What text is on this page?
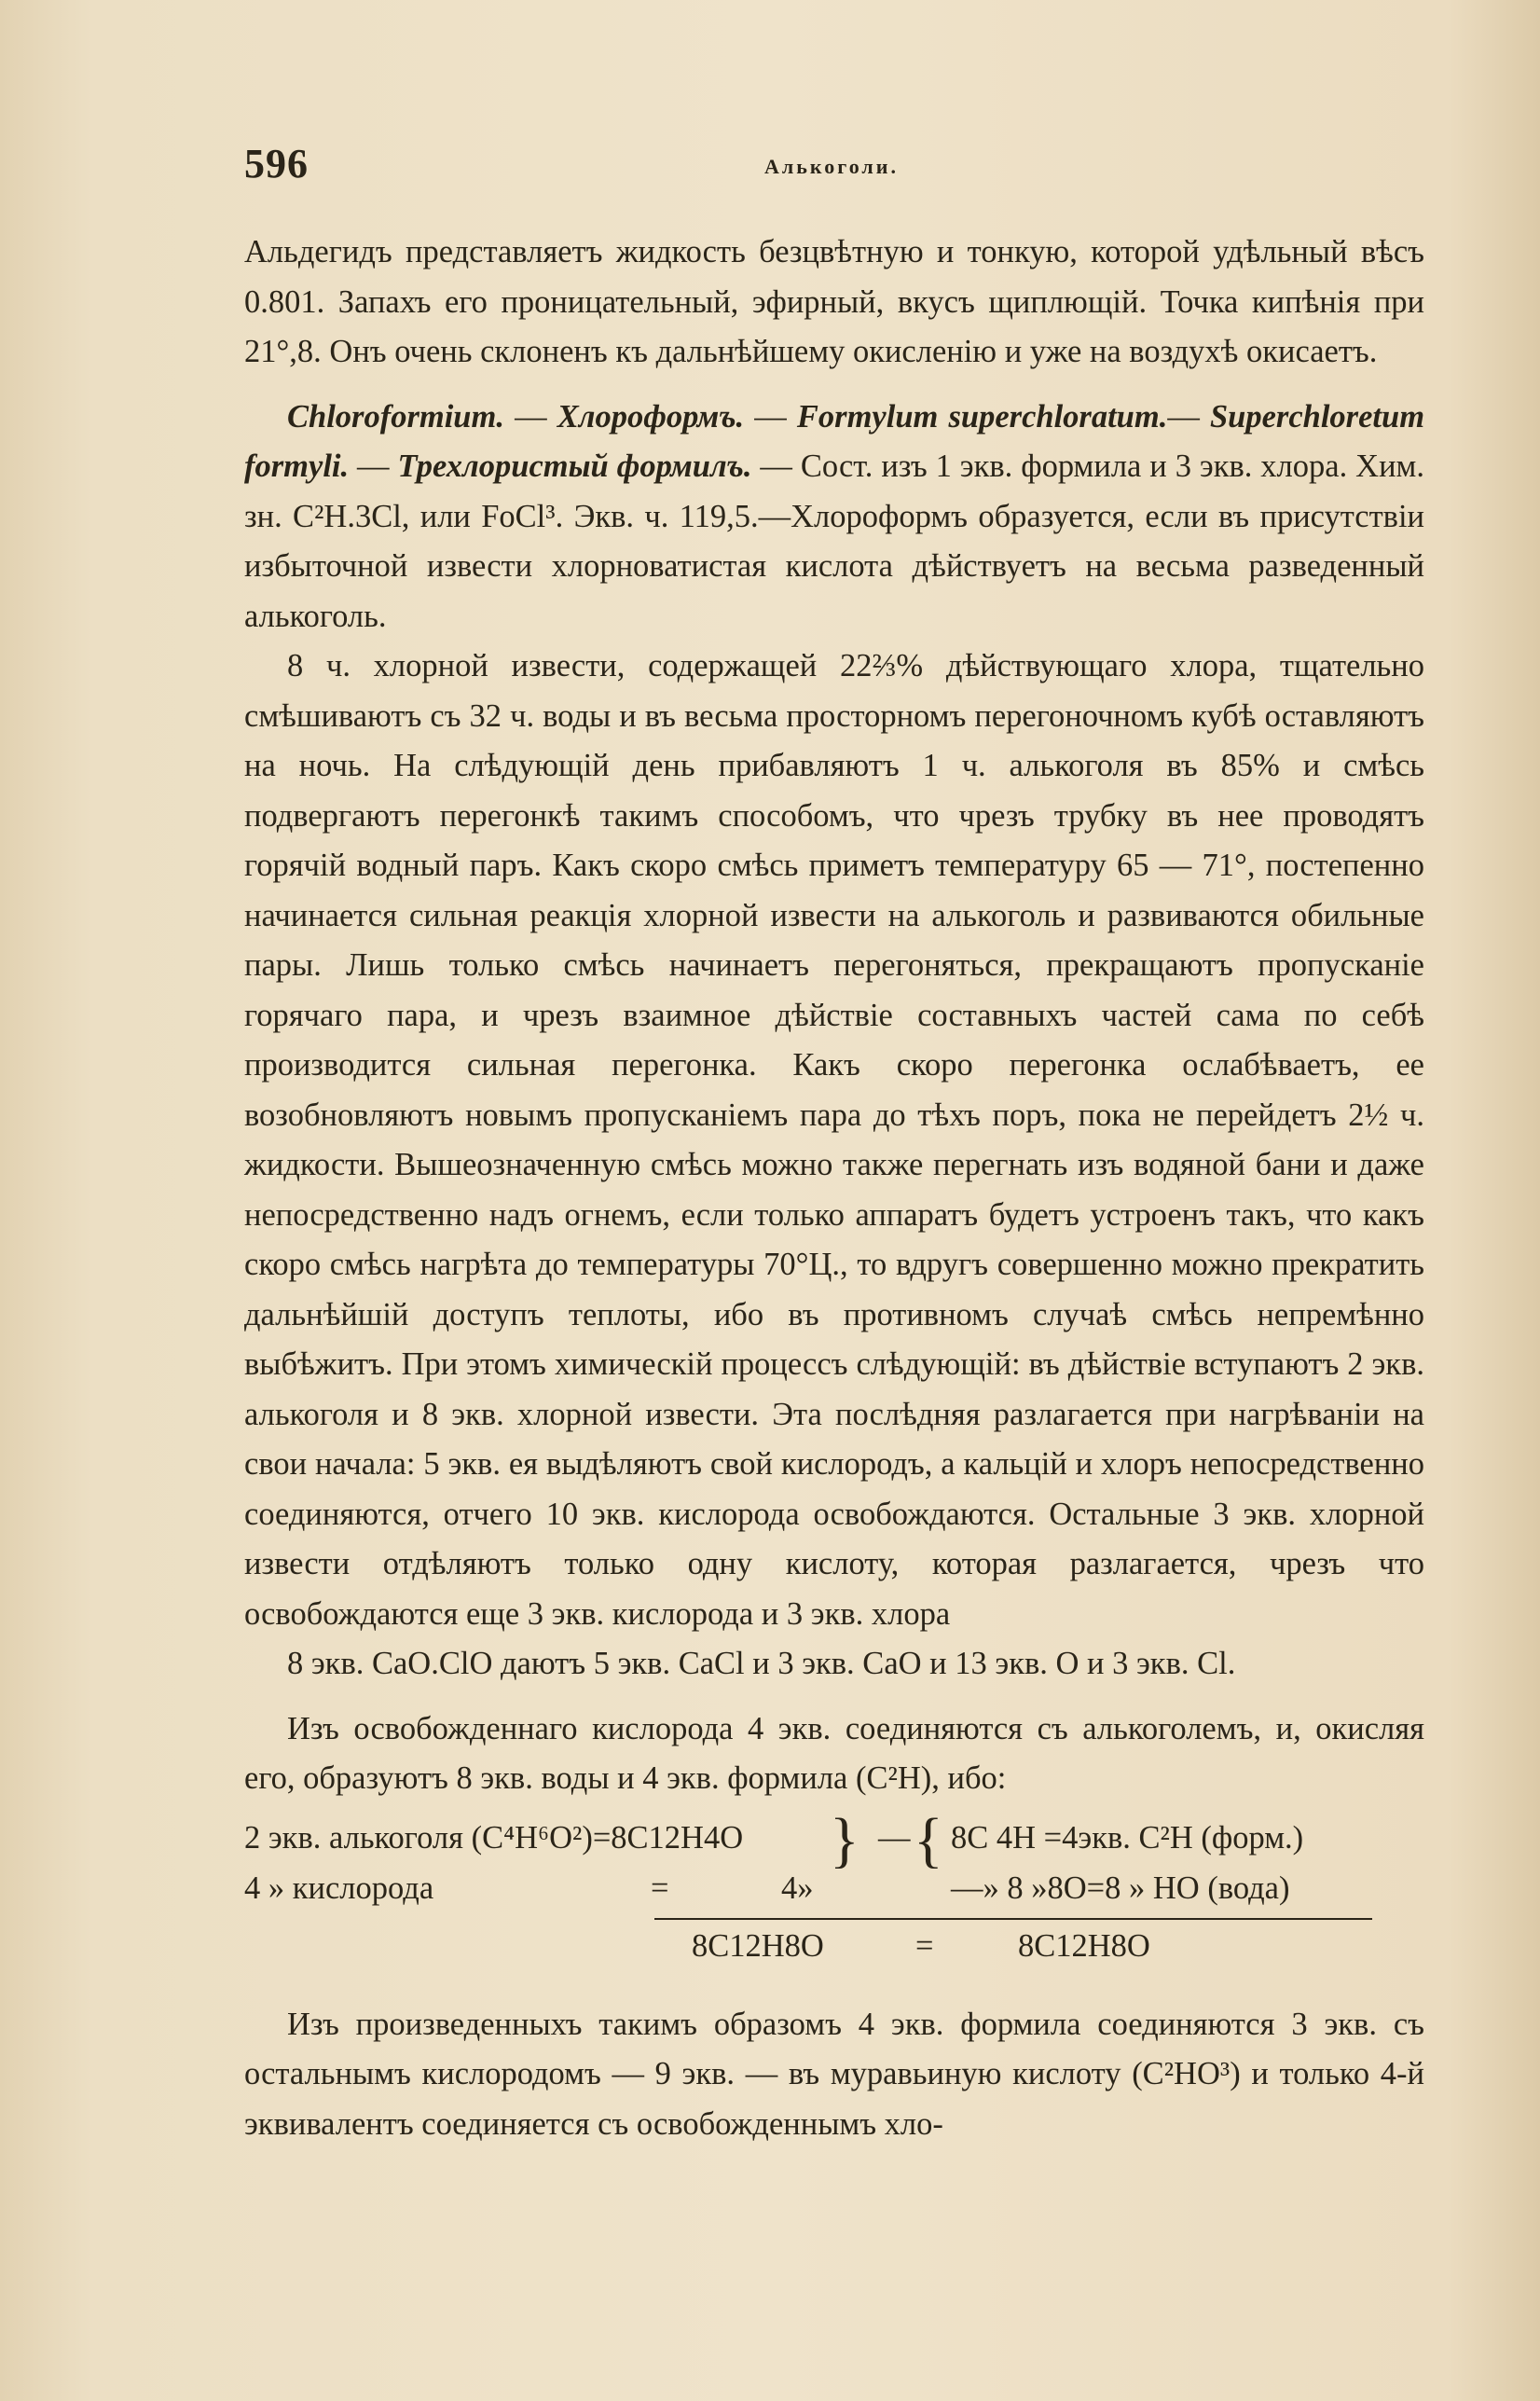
596	Алькоголи.

Альдегидъ представляетъ жидкость безцвѣтную и тонкую, которой удѣльный вѣсъ 0.801. Запахъ его проницательный, эфирный, вкусъ щиплющій. Точка кипѣнія при 21°,8. Онъ очень склоненъ къ дальнѣйшему окисленію и уже на воздухѣ окисаетъ.

Chloroformium. — Хлороформъ. — Formylum superchloratum.— Superchloretum formyli. — Трехлористый формилъ. — Сост. изъ 1 экв. формила и 3 экв. хлора. Хим. зн. C²H.3Cl, или FoCl³. Экв. ч. 119,5.—Хлороформъ образуется, если въ присутствіи избыточной извести хлорноватистая кислота дѣйствуетъ на весьма разведенный алькоголь.

8 ч. хлорной извести, содержащей 22⅔% дѣйствующаго хлора, тщательно смѣшиваютъ съ 32 ч. воды и въ весьма просторномъ перегоночномъ кубѣ оставляютъ на ночь. На слѣдующій день прибавляютъ 1 ч. алькоголя въ 85% и смѣсь подвергаютъ перегонкѣ такимъ способомъ, что чрезъ трубку въ нее проводятъ горячій водный паръ. Какъ скоро смѣсь приметъ температуру 65 — 71°, постепенно начинается сильная реакція хлорной извести на алькоголь и развиваются обильные пары. Лишь только смѣсь начинаетъ перегоняться, прекращаютъ пропусканіе горячаго пара, и чрезъ взаимное дѣйствіе составныхъ частей сама по себѣ производится сильная перегонка. Какъ скоро перегонка ослабѣваетъ, ее возобновляютъ новымъ пропусканіемъ пара до тѣхъ поръ, пока не перейдетъ 2½ ч. жидкости. Вышеозначенную смѣсь можно также перегнать изъ водяной бани и даже непосредственно надъ огнемъ, если только аппаратъ будетъ устроенъ такъ, что какъ скоро смѣсь нагрѣта до температуры 70°Ц., то вдругъ совершенно можно прекратить дальнѣйшій доступъ теплоты, ибо въ противномъ случаѣ смѣсь непремѣнно выбѣжитъ. При этомъ химическій процессъ слѣдующій: въ дѣйствіе вступаютъ 2 экв. алькоголя и 8 экв. хлорной извести. Эта послѣдняя разлагается при нагрѣваніи на свои начала: 5 экв. ея выдѣляютъ свой кислородъ, а кальцій и хлоръ непосредственно соединяются, отчего 10 экв. кислорода освобождаются. Остальные 3 экв. хлорной извести отдѣляютъ только одну кислоту, которая разлагается, чрезъ что освобождаются еще 3 экв. кислорода и 3 экв. хлора

8 экв. CaO.ClO даютъ 5 экв. CaCl и 3 экв. CaO и 13 экв. O и 3 экв. Cl.

Изъ освобожденнаго кислорода 4 экв. соединяются съ алькоголемъ, и, окисляя его, образуютъ 8 экв. воды и 4 экв. формила (C²H), ибо:

2 экв. алькоголя (C⁴H⁶O²)=8C12H4O } — { 8C 4H =4экв. C²H (форм.)
4 » кислорода	=	4»	—» 8 »8O=8 » HO (вода)
8C12H8O	=	8C12H8O

Изъ произведенныхъ такимъ образомъ 4 экв. формила соединяются 3 экв. съ остальнымъ кислородомъ — 9 экв. — въ муравьиную кислоту (C²HO³) и только 4-й эквивалентъ соединяется съ освобожденнымъ хло-
